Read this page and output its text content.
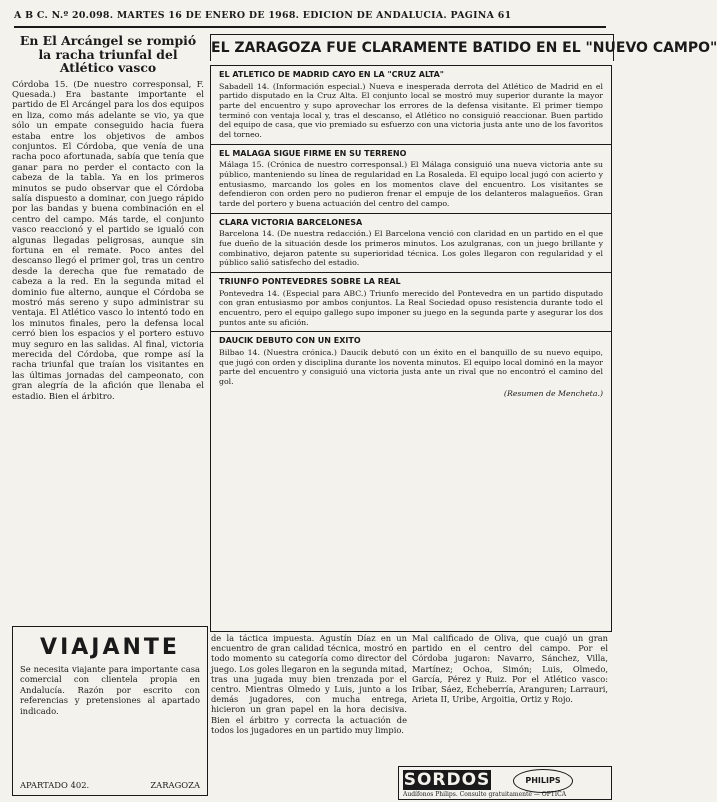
A B C. N.º 20.098. MARTES 16 DE ENERO DE 1968. EDICION DE ANDALUCIA. PAGINA 61
En El Arcángel se rompió la racha triunfal del Atlético vasco
Córdoba 15. (De nuestro corresponsal, F. Quesada.) Era bastante importante el partido de El Arcángel para los dos equipos en liza, como más adelante se vio, ya que sólo un empate conseguido hacia fuera estaba entre los objetivos de ambos conjuntos. El Córdoba, que venía de una racha poco afortunada, sabía que tenía que ganar para no perder el contacto con la cabeza de la tabla. Ya en los primeros minutos se pudo observar que el Córdoba salía dispuesto a dominar, con juego rápido por las bandas y buena combinación en el centro del campo. Más tarde, el conjunto vasco reaccionó y el partido se igualó con algunas llegadas peligrosas, aunque sin fortuna en el remate. Poco antes del descanso llegó el primer gol, tras un centro desde la derecha que fue rematado de cabeza a la red. En la segunda mitad el dominio fue alterno, aunque el Córdoba se mostró más sereno y supo administrar su ventaja. El Atlético vasco lo intentó todo en los minutos finales, pero la defensa local cerró bien los espacios y el portero estuvo muy seguro en las salidas. Al final, victoria merecida del Córdoba, que rompe así la racha triunfal que traían los visitantes en las últimas jornadas del campeonato, con gran alegría de la afición que llenaba el estadio. Bien el árbitro.
EL ZARAGOZA FUE CLARAMENTE BATIDO EN EL "NUEVO CAMPO"
EL ATLETICO DE MADRID CAYO EN LA "CRUZ ALTA"
Sabadell 14. (Información especial.) Nueva e inesperada derrota del Atlético de Madrid en el partido disputado en la Cruz Alta. El conjunto local se mostró muy superior durante la mayor parte del encuentro y supo aprovechar los errores de la defensa visitante. El primer tiempo terminó con ventaja local y, tras el descanso, el Atlético no consiguió reaccionar. Buen partido del equipo de casa, que vio premiado su esfuerzo con una victoria justa ante uno de los favoritos del torneo.
EL MALAGA SIGUE FIRME EN SU TERRENO
Málaga 15. (Crónica de nuestro corresponsal.) El Málaga consiguió una nueva victoria ante su público, manteniendo su línea de regularidad en La Rosaleda. El equipo local jugó con acierto y entusiasmo, marcando los goles en los momentos clave del encuentro. Los visitantes se defendieron con orden pero no pudieron frenar el empuje de los delanteros malagueños. Gran tarde del portero y buena actuación del centro del campo.
CLARA VICTORIA BARCELONESA
Barcelona 14. (De nuestra redacción.) El Barcelona venció con claridad en un partido en el que fue dueño de la situación desde los primeros minutos. Los azulgranas, con un juego brillante y combinativo, dejaron patente su superioridad técnica. Los goles llegaron con regularidad y el público salió satisfecho del estadio.
TRIUNFO PONTEVEDRES SOBRE LA REAL
Pontevedra 14. (Especial para ABC.) Triunfo merecido del Pontevedra en un partido disputado con gran entusiasmo por ambos conjuntos. La Real Sociedad opuso resistencia durante todo el encuentro, pero el equipo gallego supo imponer su juego en la segunda parte y asegurar los dos puntos ante su afición.
DAUCIK DEBUTO CON UN EXITO
Bilbao 14. (Nuestra crónica.) Daucik debutó con un éxito en el banquillo de su nuevo equipo, que jugó con orden y disciplina durante los noventa minutos. El equipo local dominó en la mayor parte del encuentro y consiguió una victoria justa ante un rival que no encontró el camino del gol.
(Resumen de Mencheta.)
de la táctica impuesta. Agustín Díaz en un encuentro de gran calidad técnica, mostró en todo momento su categoría como director del juego. Los goles llegaron en la segunda mitad, tras una jugada muy bien trenzada por el centro. Mientras Olmedo y Luis, junto a los demás jugadores, con mucha entrega, hicieron un gran papel en la hora decisiva. Bien el árbitro y correcta la actuación de todos los jugadores en un partido muy limpio.
Mal calificado de Oliva, que cuajó un gran partido en el centro del campo. Por el Córdoba jugaron: Navarro, Sánchez, Villa, Martínez; Ochoa, Simón; Luis, Olmedo, García, Pérez y Ruiz. Por el Atlético vasco: Iribar, Sáez, Echeberría, Aranguren; Larrauri, Arieta II, Uribe, Argoitia, Ortiz y Rojo.
VIAJANTE
Se necesita viajante para importante casa comercial con clientela propia en Andalucía. Razón por escrito con referencias y pretensiones al apartado indicado.
APARTADO 402.	ZARAGOZA	SORDOS	PHILIPS
Audífonos Philips. Consulte gratuitamente — OPTICA
